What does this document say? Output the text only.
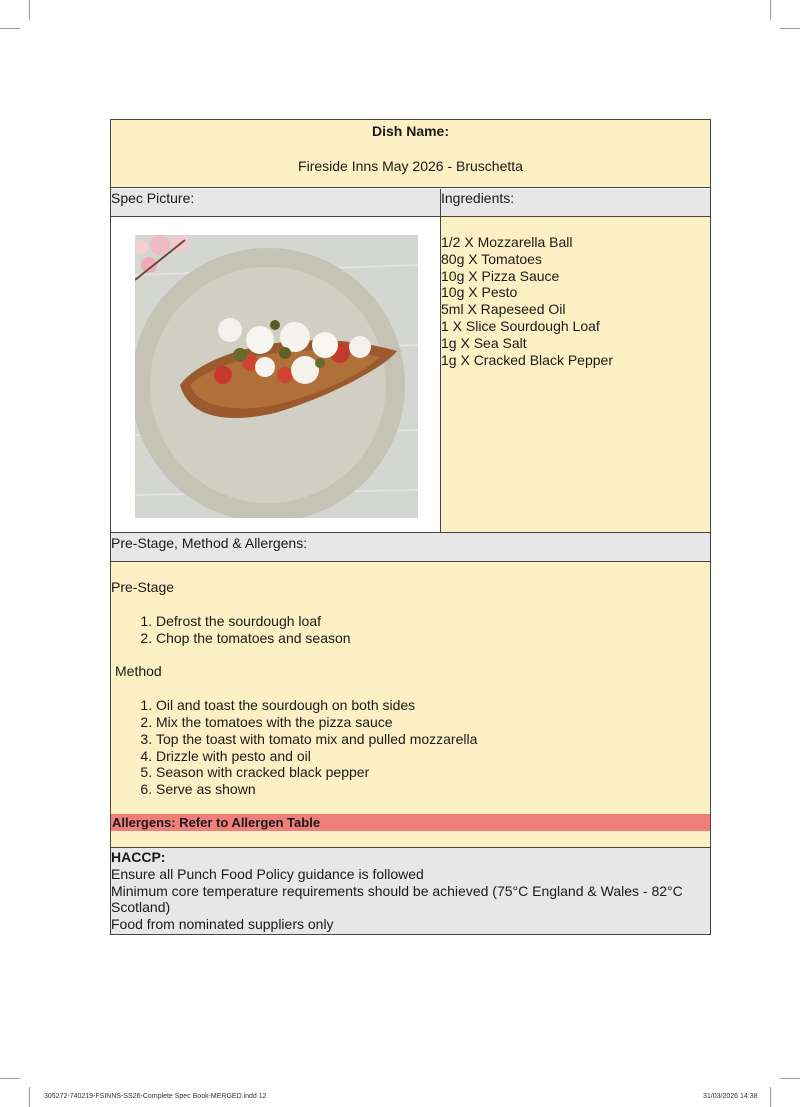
Dish Name:
Fireside Inns May 2026 - Bruschetta
Spec Picture:	Ingredients:
1/2 X Mozzarella Ball
80g X Tomatoes
10g X Pizza Sauce
10g X Pesto
5ml X Rapeseed Oil
1 X Slice Sourdough Loaf
1g X Sea Salt
1g X Cracked Black Pepper
Pre-Stage, Method & Allergens:

Pre-Stage

1. Defrost the sourdough loaf
2. Chop the tomatoes and season

Method

1. Oil and toast the sourdough on both sides
2. Mix the tomatoes with the pizza sauce
3. Top the toast with tomato mix and pulled mozzarella
4. Drizzle with pesto and oil
5. Season with cracked black pepper
6. Serve as shown
Allergens: Refer to Allergen Table
HACCP:
Ensure all Punch Food Policy guidance is followed
Minimum core temperature requirements should be achieved (75°C England & Wales - 82°C Scotland)
Food from nominated suppliers only
305272-740219-FSINNS-SS26-Complete Spec Book-MERGED.indd 12	31/03/2026 14:38
